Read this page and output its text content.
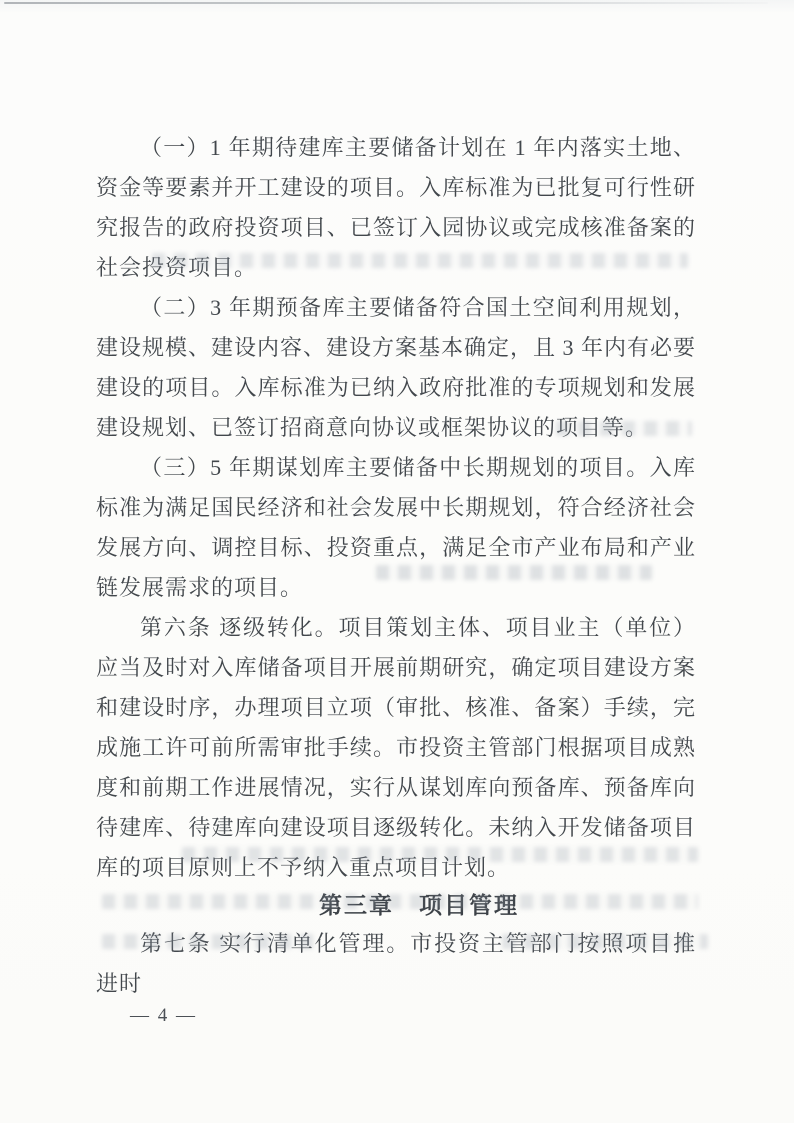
（一）1 年期待建库主要储备计划在 1 年内落实土地、资金等要素并开工建设的项目。入库标准为已批复可行性研究报告的政府投资项目、已签订入园协议或完成核准备案的社会投资项目。

（二）3 年期预备库主要储备符合国土空间利用规划，建设规模、建设内容、建设方案基本确定，且 3 年内有必要建设的项目。入库标准为已纳入政府批准的专项规划和发展建设规划、已签订招商意向协议或框架协议的项目等。

（三）5 年期谋划库主要储备中长期规划的项目。入库标准为满足国民经济和社会发展中长期规划，符合经济社会发展方向、调控目标、投资重点，满足全市产业布局和产业链发展需求的项目。

第六条 逐级转化。项目策划主体、项目业主（单位）应当及时对入库储备项目开展前期研究，确定项目建设方案和建设时序，办理项目立项（审批、核准、备案）手续，完成施工许可前所需审批手续。市投资主管部门根据项目成熟度和前期工作进展情况，实行从谋划库向预备库、预备库向待建库、待建库向建设项目逐级转化。未纳入开发储备项目库的项目原则上不予纳入重点项目计划。

第三章　项目管理

第七条 实行清单化管理。市投资主管部门按照项目推进时

— 4 —
